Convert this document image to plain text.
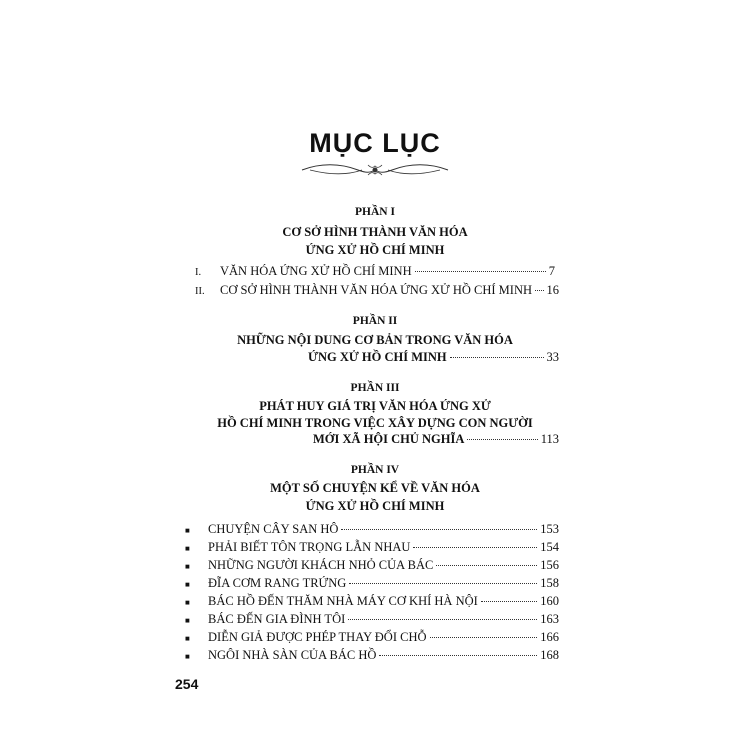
MỤC LỤC
PHẦN I
CƠ SỞ HÌNH THÀNH VĂN HÓA
ỨNG XỬ HỒ CHÍ MINH
I.	VĂN HÓA ỨNG XỬ HỒ CHÍ MINH	7
II. CƠ SỞ HÌNH THÀNH VĂN HÓA ỨNG XỬ HỒ CHÍ MINH 16
PHẦN II
NHỮNG NỘI DUNG CƠ BẢN TRONG VĂN HÓA
ỨNG XỬ HỒ CHÍ MINH	33
PHẦN III
PHÁT HUY GIÁ TRỊ VĂN HÓA ỨNG XỬ
HỒ CHÍ MINH TRONG VIỆC XÂY DỰNG CON NGƯỜI
MỚI XÃ HỘI CHỦ NGHĨA	113
PHẦN IV
MỘT SỐ CHUYỆN KỂ VỀ VĂN HÓA
ỨNG XỬ HỒ CHÍ MINH
■	CHUYỆN CÂY SAN HÔ	153
■	PHẢI BIẾT TÔN TRỌNG LẪN NHAU	154
■	NHỮNG NGƯỜI KHÁCH NHỎ CỦA BÁC	156
■	ĐĨA CƠM RANG TRỨNG	158
■	BÁC HỒ ĐẾN THĂM NHÀ MÁY CƠ KHÍ HÀ NỘI	160
■	BÁC ĐẾN GIA ĐÌNH TÔI	163
■	DIỄN GIẢ ĐƯỢC PHÉP THAY ĐỔI CHỖ	166
■	NGÔI NHÀ SÀN CỦA BÁC HỒ	168
254
